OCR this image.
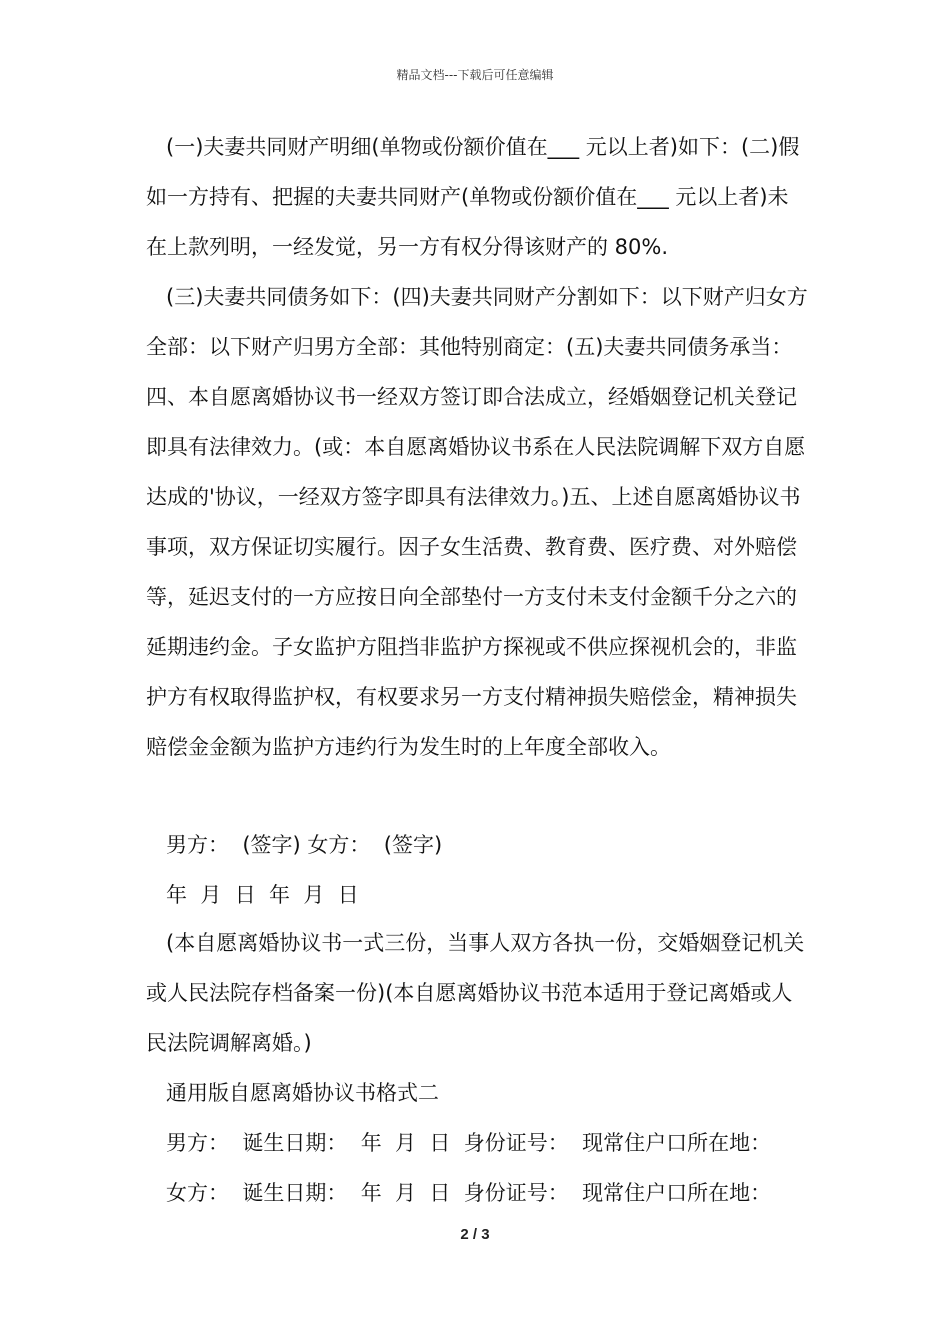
精品文档---下载后可任意编辑

(一)夫妻共同财产明细(单物或份额价值在___ 元以上者)如下：(二)假如一方持有、把握的夫妻共同财产(单物或份额价值在___ 元以上者)未在上款列明，一经发觉，另一方有权分得该财产的 80%.

(三)夫妻共同债务如下：(四)夫妻共同财产分割如下：以下财产归女方全部：以下财产归男方全部：其他特别商定：(五)夫妻共同债务承当：四、本自愿离婚协议书一经双方签订即合法成立，经婚姻登记机关登记即具有法律效力。(或：本自愿离婚协议书系在人民法院调解下双方自愿达成的'协议，一经双方签字即具有法律效力。)五、上述自愿离婚协议书事项，双方保证切实履行。因子女生活费、教育费、医疗费、对外赔偿等，延迟支付的一方应按日向全部垫付一方支付未支付金额千分之六的延期违约金。子女监护方阻挡非监护方探视或不供应探视机会的，非监护方有权取得监护权，有权要求另一方支付精神损失赔偿金，精神损失赔偿金金额为监护方违约行为发生时的上年度全部收入。

男方：  (签字) 女方：  (签字)
年  月  日  年  月  日

(本自愿离婚协议书一式三份，当事人双方各执一份，交婚姻登记机关或人民法院存档备案一份)(本自愿离婚协议书范本适用于登记离婚或人民法院调解离婚。)

通用版自愿离婚协议书格式二
男方：  诞生日期：  年  月  日  身份证号：  现常住户口所在地：
女方：  诞生日期：  年  月  日  身份证号：  现常住户口所在地：
2 / 3
